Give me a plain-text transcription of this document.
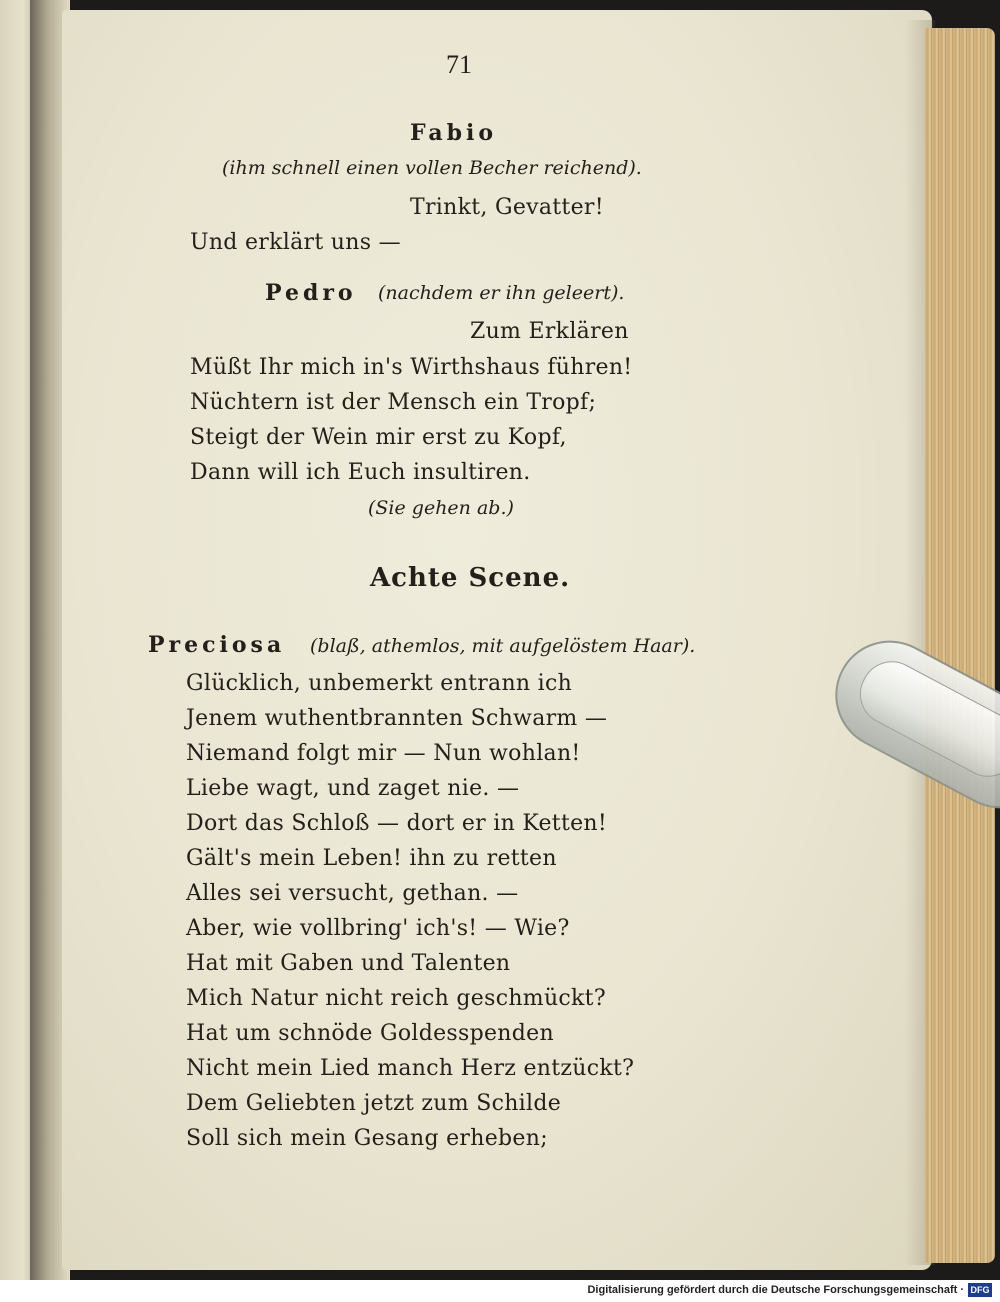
71
Fabio
(ihm schnell einen vollen Becher reichend).
Trinkt, Gevatter!
Und erklärt uns —
Pedro (nachdem er ihn geleert).
Zum Erklären
Müßt Ihr mich in's Wirthshaus führen!
Nüchtern ist der Mensch ein Tropf;
Steigt der Wein mir erst zu Kopf,
Dann will ich Euch insultiren.
(Sie gehen ab.)
Achte Scene.
Preciosa (blaß, athemlos, mit aufgelöstem Haar).
Glücklich, unbemerkt entrann ich
Jenem wuthentbrannten Schwarm —
Niemand folgt mir — Nun wohlan!
Liebe wagt, und zaget nie. —
Dort das Schloß — dort er in Ketten!
Gält's mein Leben! ihn zu retten
Alles sei versucht, gethan. —
Aber, wie vollbring' ich's! — Wie?
Hat mit Gaben und Talenten
Mich Natur nicht reich geschmückt?
Hat um schnöde Goldesspenden
Nicht mein Lied manch Herz entzückt?
Dem Geliebten jetzt zum Schilde
Soll sich mein Gesang erheben;
Digitalisierung gefördert durch die Deutsche Forschungsgemeinschaft · DFG
